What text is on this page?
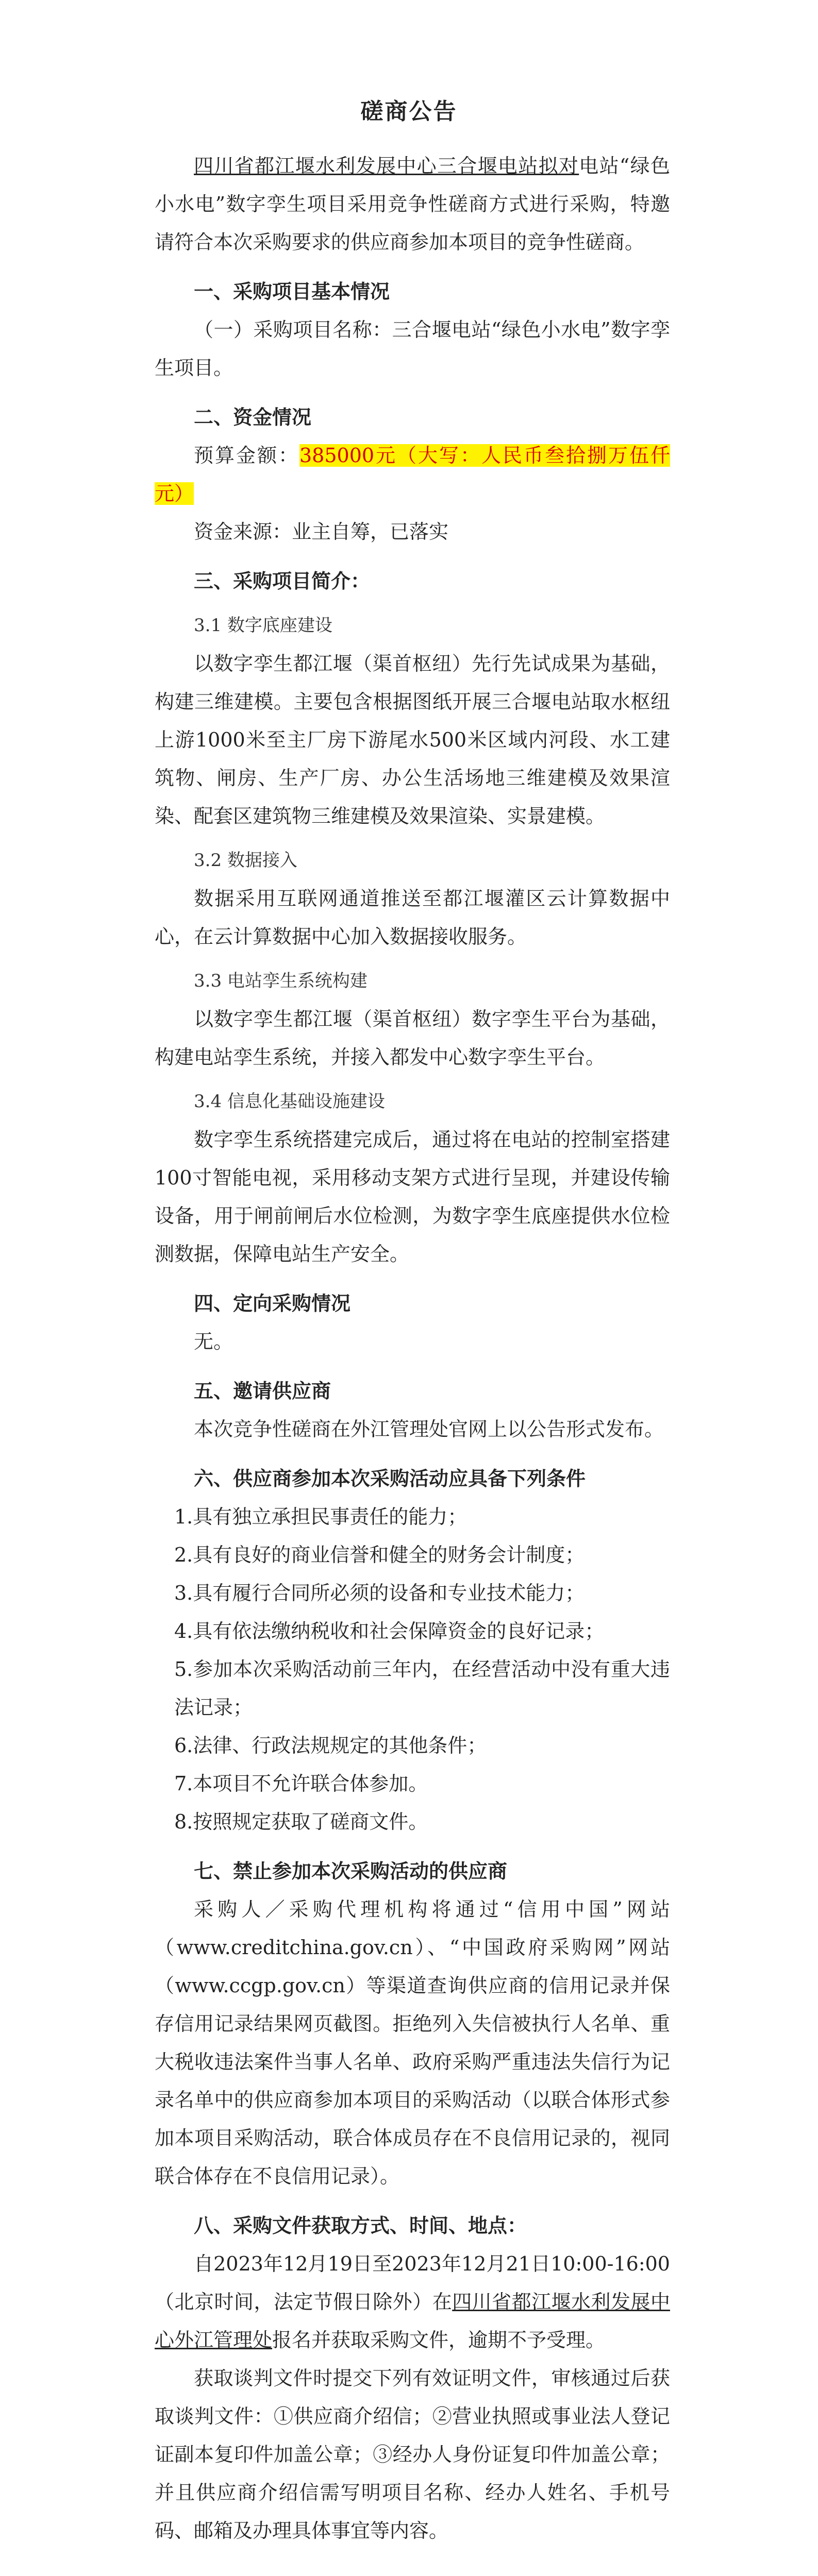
磋商公告

四川省都江堰水利发展中心三合堰电站拟对电站“绿色小水电”数字孪生项目采用竞争性磋商方式进行采购，特邀请符合本次采购要求的供应商参加本项目的竞争性磋商。

一、采购项目基本情况

（一）采购项目名称：三合堰电站“绿色小水电”数字孪生项目。

二、资金情况

预算金额：385000元（大写：人民币叁拾捌万伍仟元）

资金来源：业主自筹，已落实

三、采购项目简介：

3.1 数字底座建设

以数字孪生都江堰（渠首枢纽）先行先试成果为基础，构建三维建模。主要包含根据图纸开展三合堰电站取水枢纽上游1000米至主厂房下游尾水500米区域内河段、水工建筑物、闸房、生产厂房、办公生活场地三维建模及效果渲染、配套区建筑物三维建模及效果渲染、实景建模。

3.2 数据接入

数据采用互联网通道推送至都江堰灌区云计算数据中心，在云计算数据中心加入数据接收服务。

3.3 电站孪生系统构建

以数字孪生都江堰（渠首枢纽）数字孪生平台为基础，构建电站孪生系统，并接入都发中心数字孪生平台。

3.4 信息化基础设施建设

数字孪生系统搭建完成后，通过将在电站的控制室搭建100寸智能电视，采用移动支架方式进行呈现，并建设传输设备，用于闸前闸后水位检测，为数字孪生底座提供水位检测数据，保障电站生产安全。

四、定向采购情况

无。

五、邀请供应商

本次竞争性磋商在外江管理处官网上以公告形式发布。

六、供应商参加本次采购活动应具备下列条件

1.具有独立承担民事责任的能力；

2.具有良好的商业信誉和健全的财务会计制度；

3.具有履行合同所必须的设备和专业技术能力；

4.具有依法缴纳税收和社会保障资金的良好记录；

5.参加本次采购活动前三年内，在经营活动中没有重大违法记录；

6.法律、行政法规规定的其他条件；

7.本项目不允许联合体参加。

8.按照规定获取了磋商文件。

七、禁止参加本次采购活动的供应商

采购人／采购代理机构将通过“信用中国”网站（www.creditchina.gov.cn）、“中国政府采购网”网站（www.ccgp.gov.cn）等渠道查询供应商的信用记录并保存信用记录结果网页截图。拒绝列入失信被执行人名单、重大税收违法案件当事人名单、政府采购严重违法失信行为记录名单中的供应商参加本项目的采购活动（以联合体形式参加本项目采购活动，联合体成员存在不良信用记录的，视同联合体存在不良信用记录）。

八、采购文件获取方式、时间、地点：

自2023年12月19日至2023年12月21日10:00-16:00（北京时间，法定节假日除外）在四川省都江堰水利发展中心外江管理处报名并获取采购文件，逾期不予受理。

获取谈判文件时提交下列有效证明文件，审核通过后获取谈判文件：①供应商介绍信；②营业执照或事业法人登记证副本复印件加盖公章；③经办人身份证复印件加盖公章；并且供应商介绍信需写明项目名称、经办人姓名、手机号码、邮箱及办理具体事宜等内容。
